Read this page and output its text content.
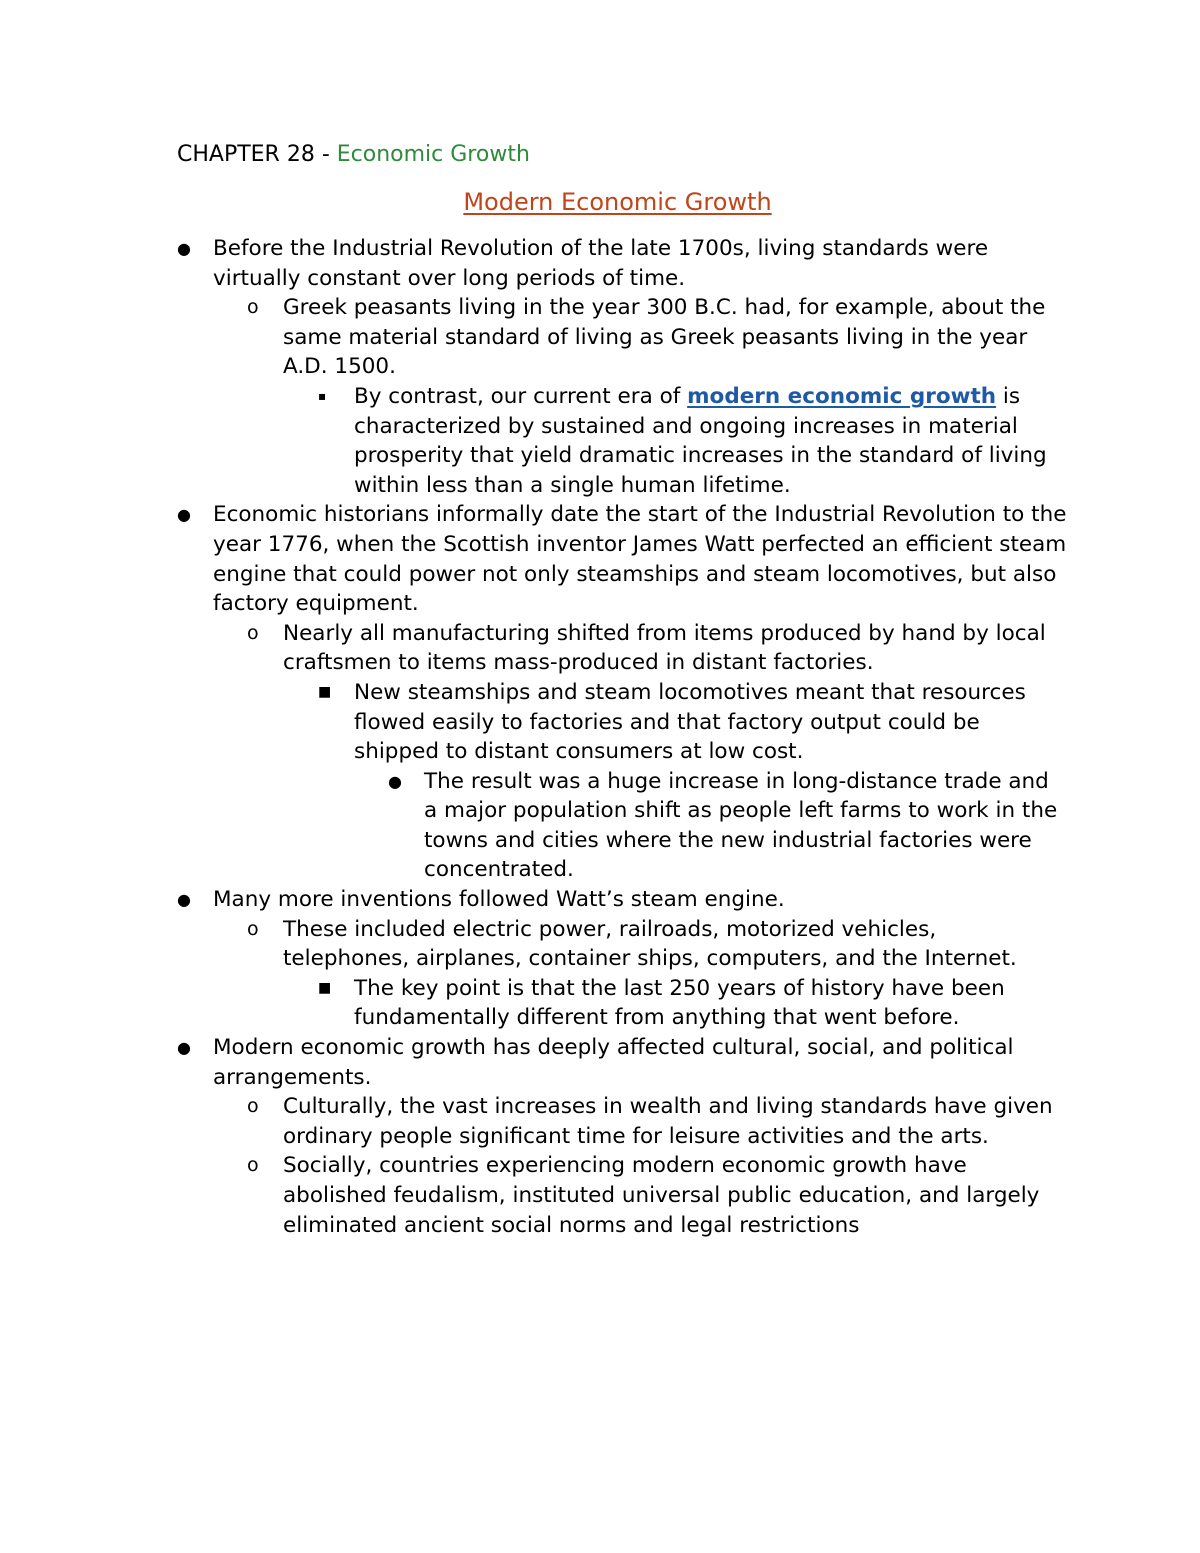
CHAPTER 28 - Economic Growth
Modern Economic Growth
● Before the Industrial Revolution of the late 1700s, living standards were virtually constant over long periods of time.
o Greek peasants living in the year 300 B.C. had, for example, about the same material standard of living as Greek peasants living in the year A.D. 1500.
▪ By contrast, our current era of modern economic growth is characterized by sustained and ongoing increases in material prosperity that yield dramatic increases in the standard of living within less than a single human lifetime.
● Economic historians informally date the start of the Industrial Revolution to the year 1776, when the Scottish inventor James Watt perfected an efficient steam engine that could power not only steamships and steam locomotives, but also factory equipment.
o Nearly all manufacturing shifted from items produced by hand by local craftsmen to items mass-produced in distant factories.
■ New steamships and steam locomotives meant that resources flowed easily to factories and that factory output could be shipped to distant consumers at low cost.
● The result was a huge increase in long-distance trade and a major population shift as people left farms to work in the towns and cities where the new industrial factories were concentrated.
● Many more inventions followed Watt’s steam engine.
o These included electric power, railroads, motorized vehicles, telephones, airplanes, container ships, computers, and the Internet.
■ The key point is that the last 250 years of history have been fundamentally different from anything that went before.
● Modern economic growth has deeply affected cultural, social, and political arrangements.
o Culturally, the vast increases in wealth and living standards have given ordinary people significant time for leisure activities and the arts.
o Socially, countries experiencing modern economic growth have abolished feudalism, instituted universal public education, and largely eliminated ancient social norms and legal restrictions
